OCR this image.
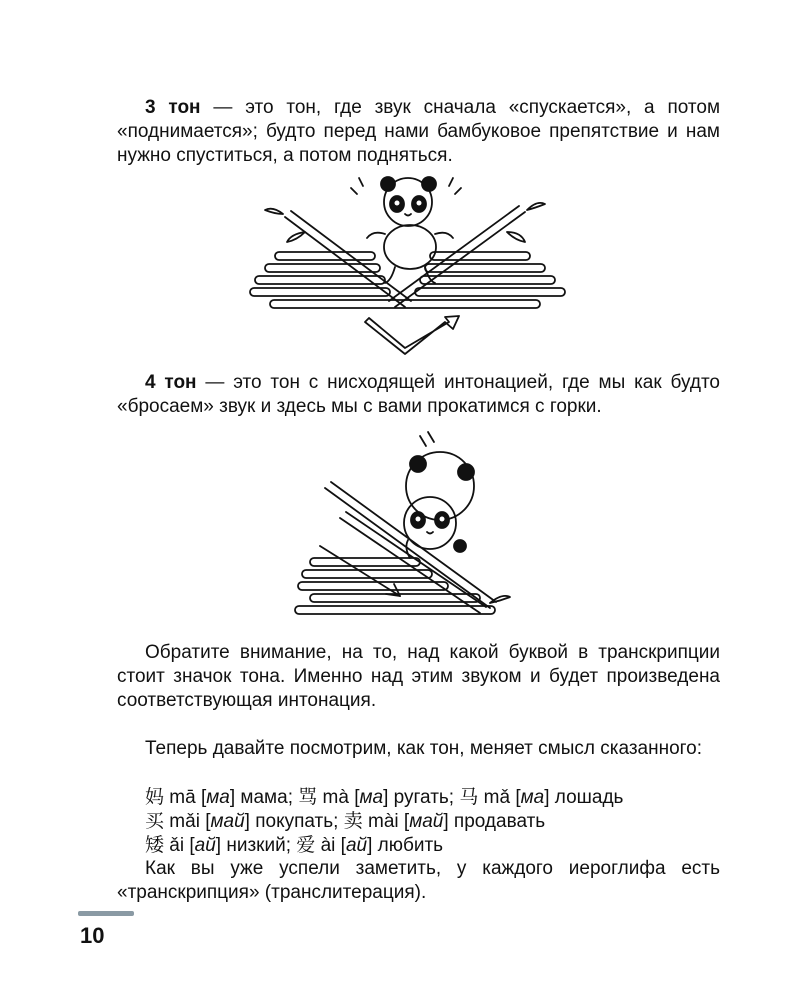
3 тон — это тон, где звук сначала «спускается», а потом «поднимается»; будто перед нами бамбуковое препятствие и нам нужно спуститься, а потом подняться.

4 тон — это тон с нисходящей интонацией, где мы как будто «бросаем» звук и здесь мы с вами прокатимся с горки.

Обратите внимание, на то, над какой буквой в транскрипции стоит значок тона. Именно над этим звуком и будет произведена соответствующая интонация.

Теперь давайте посмотрим, как тон, меняет смысл сказанного:

妈 mā [ма] мама; 骂 mà [ма] ругать; 马 mǎ [ма] лошадь
买 mǎi [май] покупать; 卖 mài [май] продавать
矮 ǎi [ай] низкий; 爱 ài [ай] любить

Как вы уже успели заметить, у каждого иероглифа есть «транскрипция» (транслитерация).

10
